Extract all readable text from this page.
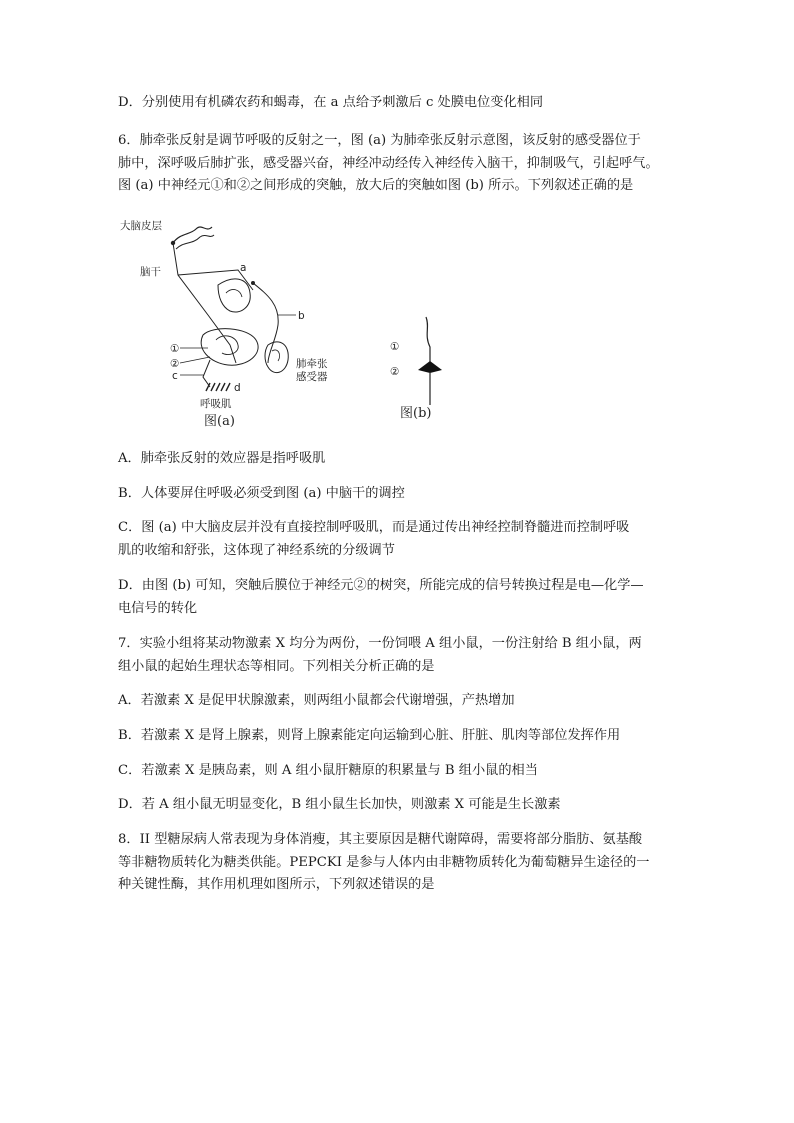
D．分别使用有机磷农药和蝎毒，在 a 点给予刺激后 c 处膜电位变化相同

6．肺牵张反射是调节呼吸的反射之一，图 (a) 为肺牵张反射示意图，该反射的感受器位于
肺中，深呼吸后肺扩张，感受器兴奋，神经冲动经传入神经传入脑干，抑制吸气，引起呼气。
图 (a) 中神经元①和②之间形成的突触，放大后的突触如图 (b) 所示。下列叙述正确的是

大脑皮层
脑干	a
b
①
②
c
d
呼吸肌
肺牵张
感受器
图(a)
①
②
图(b)

A．肺牵张反射的效应器是指呼吸肌

B．人体要屏住呼吸必须受到图 (a) 中脑干的调控

C．图 (a) 中大脑皮层并没有直接控制呼吸肌，而是通过传出神经控制脊髓进而控制呼吸
肌的收缩和舒张，这体现了神经系统的分级调节

D．由图 (b) 可知，突触后膜位于神经元②的树突，所能完成的信号转换过程是电—化学—
电信号的转化

7．实验小组将某动物激素 X 均分为两份，一份饲喂 A 组小鼠，一份注射给 B 组小鼠，两
组小鼠的起始生理状态等相同。下列相关分析正确的是

A．若激素 X 是促甲状腺激素，则两组小鼠都会代谢增强，产热增加

B．若激素 X 是肾上腺素，则肾上腺素能定向运输到心脏、肝脏、肌肉等部位发挥作用

C．若激素 X 是胰岛素，则 A 组小鼠肝糖原的积累量与 B 组小鼠的相当

D．若 A 组小鼠无明显变化，B 组小鼠生长加快，则激素 X 可能是生长激素

8．II 型糖尿病人常表现为身体消瘦，其主要原因是糖代谢障碍，需要将部分脂肪、氨基酸
等非糖物质转化为糖类供能。PEPCKI 是参与人体内由非糖物质转化为葡萄糖异生途径的一
种关键性酶，其作用机理如图所示，下列叙述错误的是
